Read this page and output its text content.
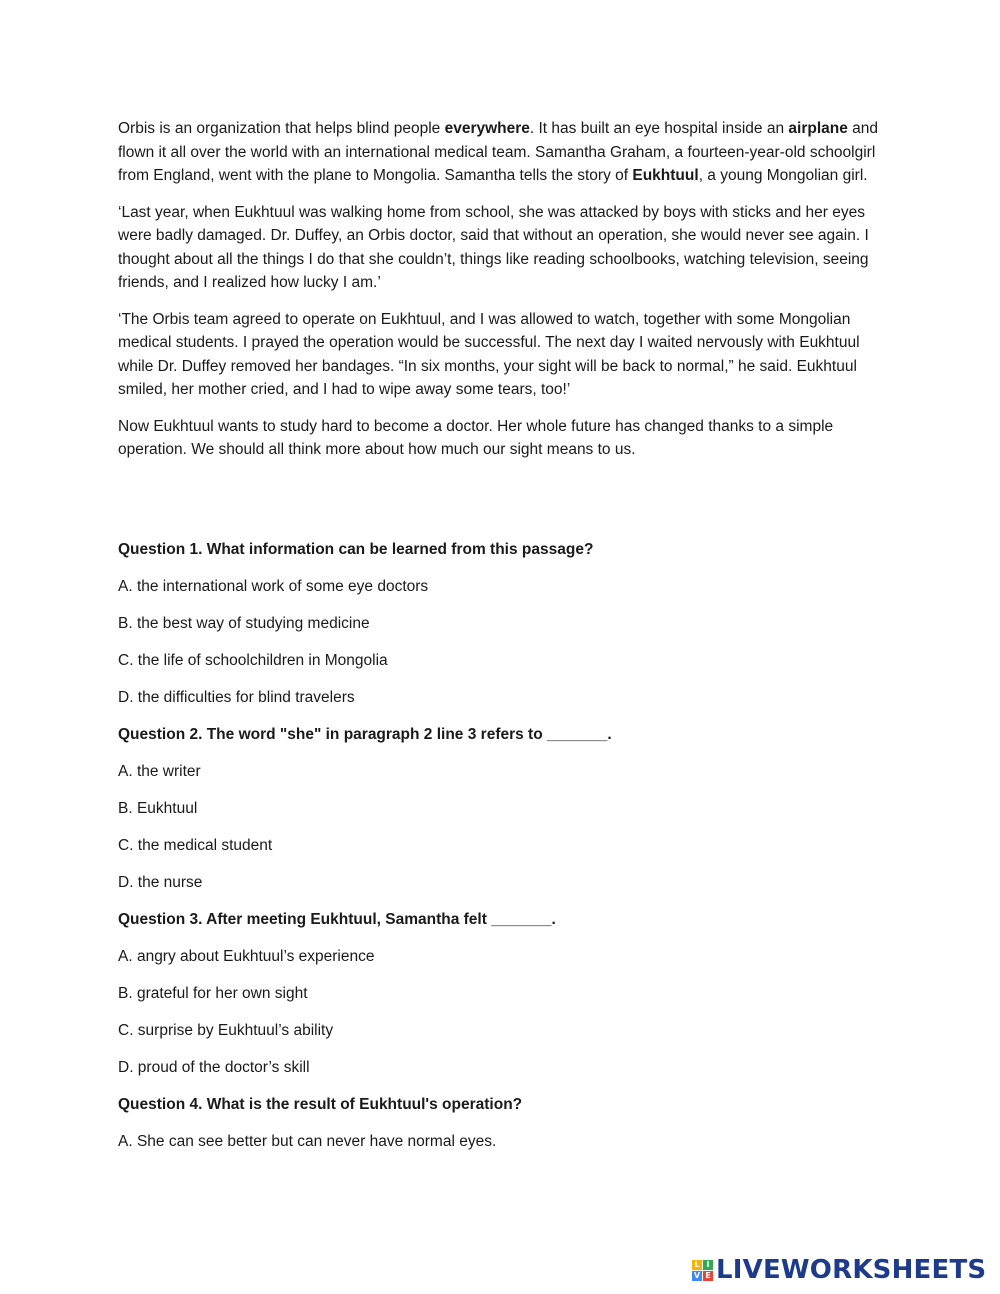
Orbis is an organization that helps blind people everywhere. It has built an eye hospital inside an airplane and flown it all over the world with an international medical team. Samantha Graham, a fourteen-year-old schoolgirl from England, went with the plane to Mongolia. Samantha tells the story of Eukhtuul, a young Mongolian girl.

‘Last year, when Eukhtuul was walking home from school, she was attacked by boys with sticks and her eyes were badly damaged. Dr. Duffey, an Orbis doctor, said that without an operation, she would never see again. I thought about all the things I do that she couldn’t, things like reading schoolbooks, watching television, seeing friends, and I realized how lucky I am.’

‘The Orbis team agreed to operate on Eukhtuul, and I was allowed to watch, together with some Mongolian medical students. I prayed the operation would be successful. The next day I waited nervously with Eukhtuul while Dr. Duffey removed her bandages. “In six months, your sight will be back to normal,” he said. Eukhtuul smiled, her mother cried, and I had to wipe away some tears, too!’

Now Eukhtuul wants to study hard to become a doctor. Her whole future has changed thanks to a simple operation. We should all think more about how much our sight means to us.

Question 1. What information can be learned from this passage?
A. the international work of some eye doctors
B. the best way of studying medicine
C. the life of schoolchildren in Mongolia
D. the difficulties for blind travelers
Question 2. The word "she" in paragraph 2 line 3 refers to _______.
A. the writer
B. Eukhtuul
C. the medical student
D. the nurse
Question 3. After meeting Eukhtuul, Samantha felt _______.
A. angry about Eukhtuul’s experience
B. grateful for her own sight
C. surprise by Eukhtuul’s ability
D. proud of the doctor’s skill
Question 4. What is the result of Eukhtuul's operation?
A. She can see better but can never have normal eyes.
L I
V E LIVEWORKSHEETS
